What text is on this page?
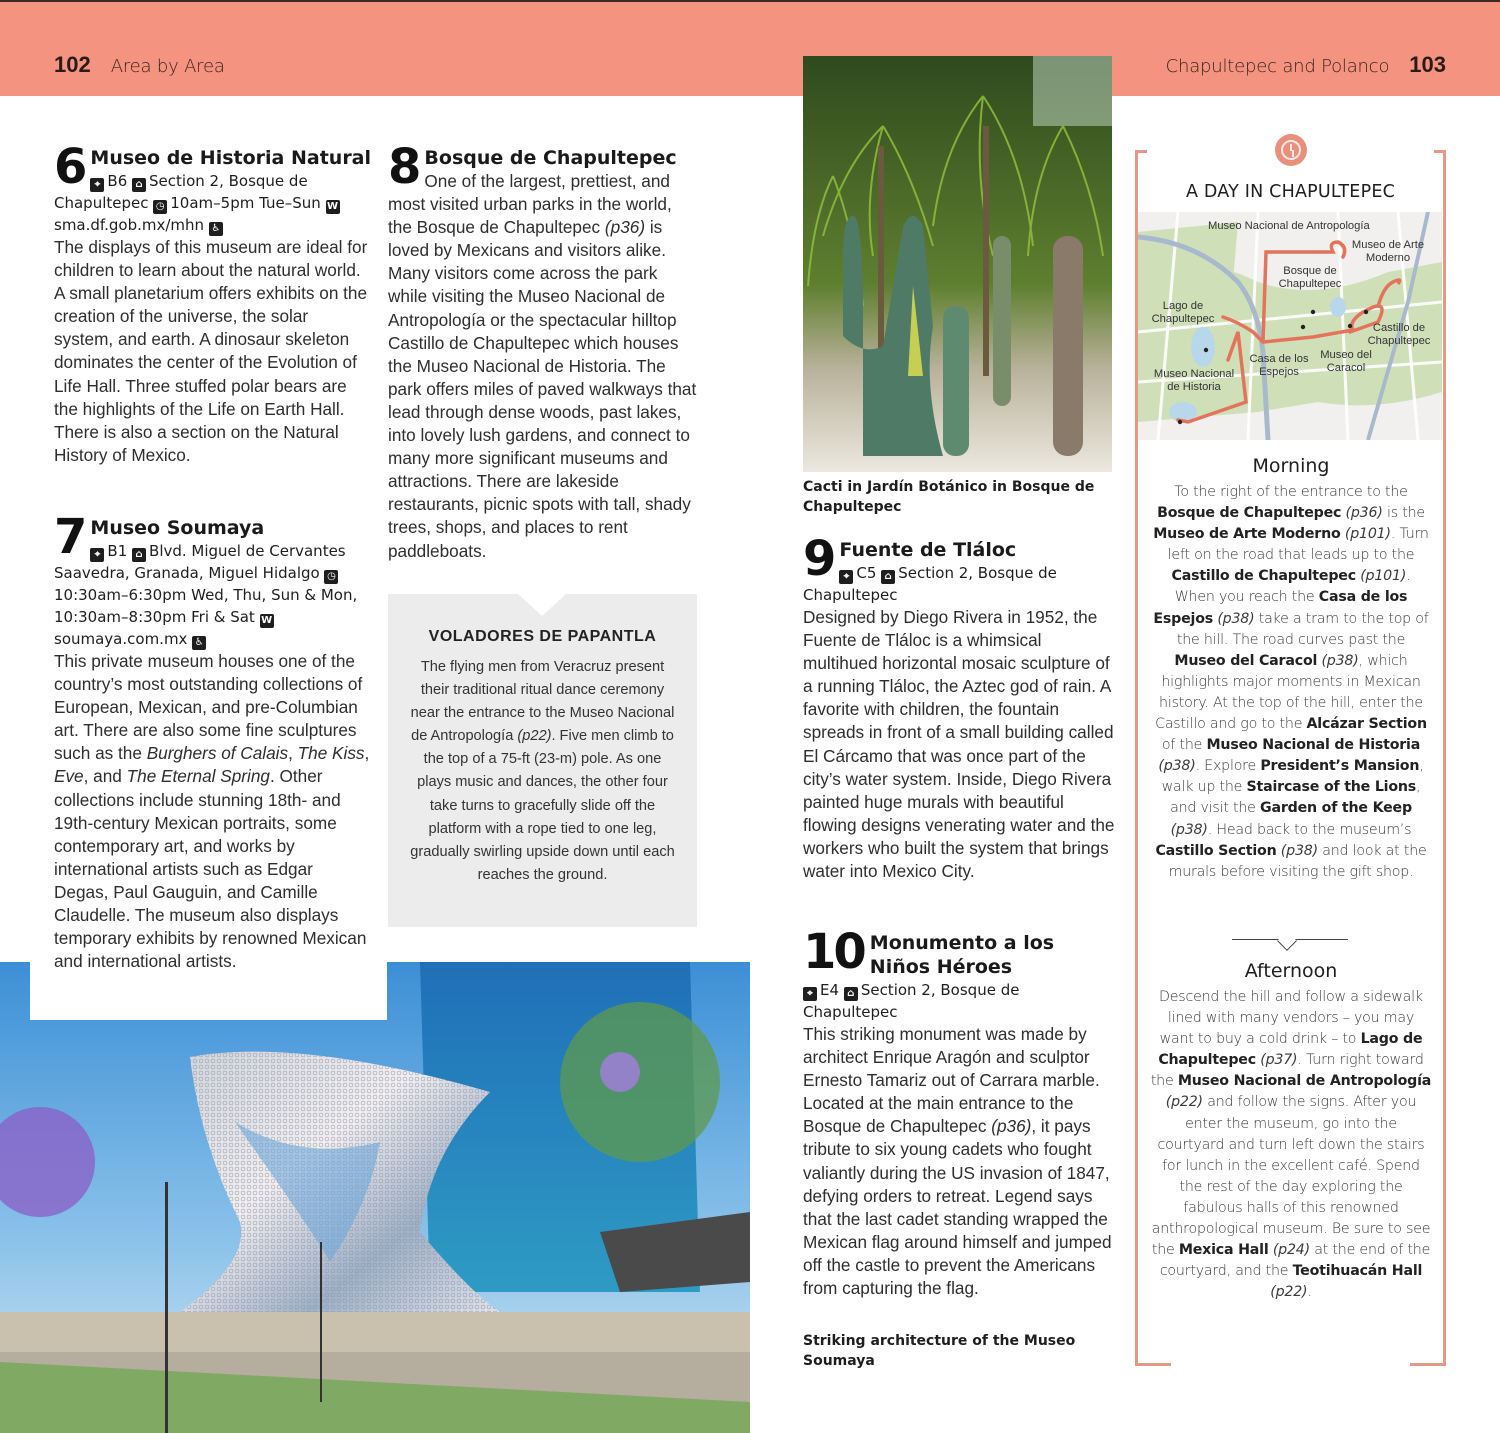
102 Area by Area	Chapultepec and Polanco 103
6 Museo de Historia Natural
⌖ B6 ⌂ Section 2, Bosque de Chapultepec ◷ 10am–5pm Tue–Sun Wsma.df.gob.mx/mhn ♿

The displays of this museum are ideal for children to learn about the natural world. A small planetarium offers exhibits on the creation of the universe, the solar system, and earth. A dinosaur skeleton dominates the center of the Evolution of Life Hall. Three stuffed polar bears are the highlights of the Life on Earth Hall. There is also a section on the Natural History of Mexico.

7 Museo Soumaya
⌖ B1 ⌂ Blvd. Miguel de Cervantes Saavedra, Granada, Miguel Hidalgo ◷10:30am–6:30pm Wed, Thu, Sun & Mon, 10:30am–8:30pm Fri & Sat Wsoumaya.com.mx ♿

This private museum houses one of the country’s most outstanding collections of European, Mexican, and pre-Columbian art. There are also some fine sculptures such as the Burghers of Calais, The Kiss, Eve, and The Eternal Spring. Other collections include stunning 18th- and 19th-century Mexican portraits, some contemporary art, and works by international artists such as Edgar Degas, Paul Gauguin, and Camille Claudelle. The museum also displays temporary exhibits by renowned Mexican and international artists.

8 Bosque de Chapultepec

One of the largest, prettiest, and most visited urban parks in the world, the Bosque de Chapultepec (p36) is loved by Mexicans and visitors alike. Many visitors come across the park while visiting the Museo Nacional de Antropología or the spectacular hilltop Castillo de Chapultepec which houses the Museo Nacional de Historia. The park offers miles of paved walkways that lead through dense woods, past lakes, into lovely lush gardens, and connect to many more significant museums and attractions. There are lakeside restaurants, picnic spots with tall, shady trees, shops, and places to rent paddleboats.

VOLADORES DE PAPANTLA

The flying men from Veracruz present their traditional ritual dance ceremony near the entrance to the Museo Nacional de Antropología (p22). Five men climb to the top of a 75-ft (23-m) pole. As one plays music and dances, the other four take turns to gracefully slide off the platform with a rope tied to one leg, gradually swirling upside down until each reaches the ground.

Cacti in Jardín Botánico in Bosque de Chapultepec
9 Fuente de Tláloc
⌖ C5 ⌂ Section 2, Bosque de Chapultepec

Designed by Diego Rivera in 1952, the Fuente de Tláloc is a whimsical multihued horizontal mosaic sculpture of a running Tláloc, the Aztec god of rain. A favorite with children, the fountain spreads in front of a small building called El Cárcamo that was once part of the city’s water system. Inside, Diego Rivera painted huge murals with beautiful flowing designs venerating water and the workers who built the system that brings water into Mexico City.

10 Monumento a los Niños Héroes
⌖ E4 ⌂ Section 2, Bosque de Chapultepec

This striking monument was made by architect Enrique Aragón and sculptor Ernesto Tamariz out of Carrara marble. Located at the main entrance to the Bosque de Chapultepec (p36), it pays tribute to six young cadets who fought valiantly during the US invasion of 1847, defying orders to retreat. Legend says that the last cadet standing wrapped the Mexican flag around himself and jumped off the castle to prevent the Americans from capturing the flag.

Striking architecture of the Museo Soumaya
A DAY IN CHAPULTEPEC
Museo Nacional de Antropología
Museo de Arte Moderno
Bosque de Chapultepec
Lago de Chapultepec
Castillo de Chapultepec
Casa de los Espejos
Museo del Caracol
Museo Nacional de Historia
Morning

To the right of the entrance to the Bosque de Chapultepec (p36) is the Museo de Arte Moderno (p101). Turn left on the road that leads up to the Castillo de Chapultepec (p101). When you reach the Casa de los Espejos (p38) take a tram to the top of the hill. The road curves past the Museo del Caracol (p38), which highlights major moments in Mexican history. At the top of the hill, enter the Castillo and go to the Alcázar Section of the Museo Nacional de Historia (p38). Explore President’s Mansion, walk up the Staircase of the Lions, and visit the Garden of the Keep (p38). Head back to the museum’s Castillo Section (p38) and look at the murals before visiting the gift shop.

Afternoon

Descend the hill and follow a sidewalk lined with many vendors – you may want to buy a cold drink – to Lago de Chapultepec (p37). Turn right toward the Museo Nacional de Antropología (p22) and follow the signs. After you enter the museum, go into the courtyard and turn left down the stairs for lunch in the excellent café. Spend the rest of the day exploring the fabulous halls of this renowned anthropological museum. Be sure to see the Mexica Hall (p24) at the end of the courtyard, and the Teotihuacán Hall (p22).
